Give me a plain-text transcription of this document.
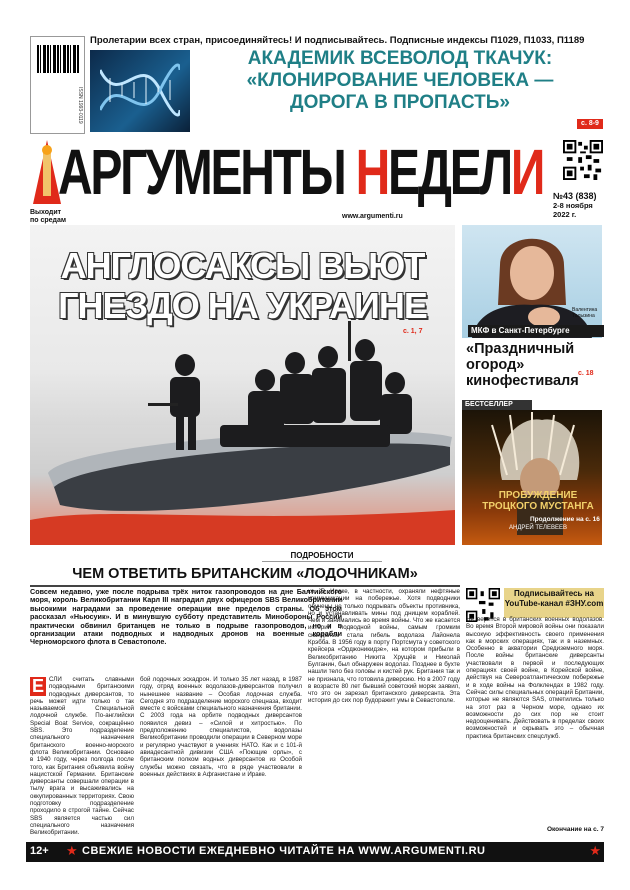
ISSN 1993-0119
Пролетарии всех стран, присоединяйтесь! И подписывайтесь. Подписные индексы П1029, П1033, П1189
АКАДЕМИК ВСЕВОЛОД ТКАЧУК:
«КЛОНИРОВАНИЕ ЧЕЛОВЕКА —
ДОРОГА В ПРОПАСТЬ»
с. 8-9
АРГУМЕНТЫ НЕДЕЛИ №43 (838)
2-8 ноября
2022 г.
Выходит
по средам
www.argumenti.ru
АНГЛОСАКСЫ ВЬЮТ
ГНЕЗДО НА УКРАИНЕ
с. 1, 7
Валентина Талызина
МКФ в Санкт-Петербурге
«Праздничный огород» кинофестиваля с. 18
БЕСТСЕЛЛЕР
ПРОБУЖДЕНИЕ ТРОЦКОГО МУСТАНГА
Продолжение на с. 16
АНДРЕЙ ТЕЛЕВЕЕВ
ПОДРОБНОСТИ
ЧЕМ ОТВЕТИТЬ БРИТАНСКИМ «ЛОДОЧНИКАМ»
Совсем недавно, уже после подрыва трёх ниток газопроводов на дне Балтийского моря, король Великобритании Карл III наградил двух офицеров SBS Великобритании высокими наградами за проведение операции вне пределов страны. Об этом рассказал «Ньюсуик». И в минувшую субботу представитель Минобороны России практически обвинил британцев не только в подрыве газопроводов, но и в организации атаки подводных и надводных дронов на военные корабли Черноморского флота в Севастополе.
Е СЛИ считать славными подводными британскими подводных диверсантов, то речь может идти только о так называемой Специальной лодочной службе. По-английски Special Boat Service, сокращённо SBS. Это подразделение специального назначения британского военно-морского флота Великобритании. Основано в 1940 году, через полгода после того, как Британия объявила войну нацистской Германии. Британские диверсанты совершали операции в тылу врага и высаживались на оккупированных территориях. Свою подготовку подразделение проходило в строгой тайне. Сейчас SBS является частью сил специального назначения Великобритании.
бой лодочных эскадрон. И только 35 лет назад, в 1987 году, отряд военных водолазов-диверсантов получил нынешнее название – Особая лодочная служба. Сегодня это подразделение морского спецназа, входит вместе с войсками специального назначения британии. С 2003 года на орбите подводных диверсантов появился девиз – «Силой и хитростью». По предположению специалистов, водолазы Великобритании проводили операции в Северном море и регулярно участвуют в учениях НАТО. Как и с 101-й авиадесантной дивизии США «Поющие орлы», с британским полком водных диверсантов из Особой службы можно связать, что в ряде участвовали в военных действиях в Афганистане и Ираке.
ке. В Ираке, в частности, охраняли нефтяные коммуникации на побережье. Хотя подводники обучены не только подрывать объекты противника, но и устанавливать мины под днищем кораблей. Чем и занимались во время войны. Что же касается истории подводной войны, самым громким скандалом стала гибель водолаза Лайонела Крэбба. В 1956 году в порту Портсмута у советского крейсера «Орджоникидзе», на котором прибыли в Великобританию Никита Хрущёв и Николай Булганин, был обнаружен водолаз. Позднее в бухте нашли тело без головы и кистей рук. Британия так и не признала, что готовила диверсию. Но в 2007 году в возрасте 80 лет бывший советский моряк заявил, что это он зарезал британского диверсанта. Эта история до сих пор будоражит умы в Севастополе.
Подписывайтесь на YouTube-канал #ЗНУ.com
Не верится в британских военных водолазов. Во время Второй мировой войны они показали высокую эффективность своего применения как в морских операциях, так и в наземных. Особенно в акватории Средиземного моря. После войны британские диверсанты участвовали в первой и последующих операциях своей войне, в Корейской войне, действуя на Североатлантическом побережье и в ходе войны на Фолклендах в 1982 году. Сейчас силы специальных операций Британии, которые не являются SAS, отметились только на этот раз в Черном море, однако их возможности до сих пор не стоит недооценивать. Действовать в пределах своих возможностей и скрывать это – обычная практика британских спецслужб.
Окончание на с. 7
12+ ★ СВЕЖИЕ НОВОСТИ ЕЖЕДНЕВНО ЧИТАЙТЕ НА WWW.ARGUMENTI.RU	★
